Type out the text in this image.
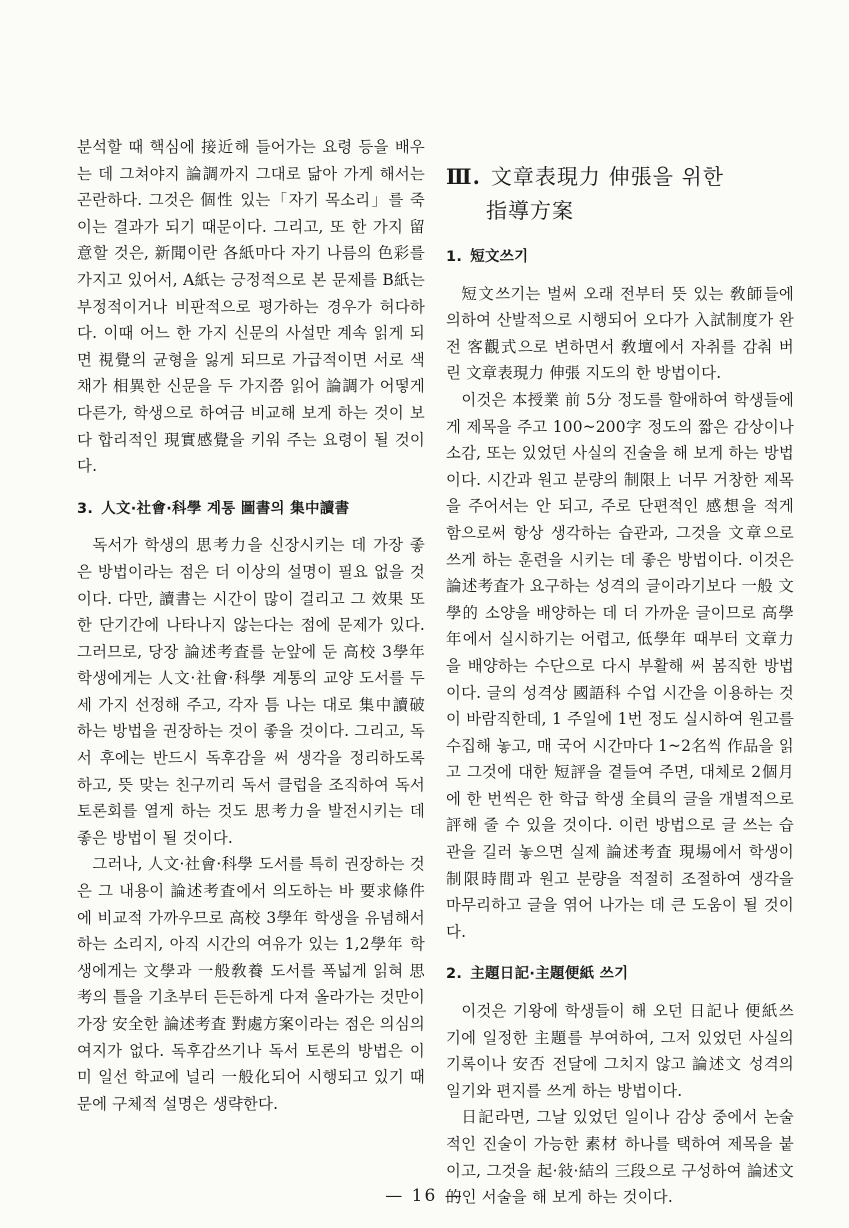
분석할 때 핵심에 接近해 들어가는 요령 등을 배우는 데 그쳐야지 論調까지 그대로 닮아 가게 해서는 곤란하다. 그것은 個性 있는「자기 목소리」를 죽이는 결과가 되기 때문이다. 그리고, 또 한 가지 留意할 것은, 新聞이란 各紙마다 자기 나름의 色彩를 가지고 있어서, A紙는 긍정적으로 본 문제를 B紙는 부정적이거나 비판적으로 평가하는 경우가 허다하다. 이때 어느 한 가지 신문의 사설만 계속 읽게 되면 視覺의 균형을 잃게 되므로 가급적이면 서로 색채가 相異한 신문을 두 가지쯤 읽어 論調가 어떻게 다른가, 학생으로 하여금 비교해 보게 하는 것이 보다 합리적인 現實感覺을 키워 주는 요령이 될 것이다.

3. 人文·社會·科學 계통 圖書의 集中讀書

독서가 학생의 思考力을 신장시키는 데 가장 좋은 방법이라는 점은 더 이상의 설명이 필요 없을 것이다. 다만, 讀書는 시간이 많이 걸리고 그 效果 또한 단기간에 나타나지 않는다는 점에 문제가 있다. 그러므로, 당장 論述考査를 눈앞에 둔 高校 3學年 학생에게는 人文·社會·科學 계통의 교양 도서를 두세 가지 선정해 주고, 각자 틈 나는 대로 集中讀破하는 방법을 권장하는 것이 좋을 것이다. 그리고, 독서 후에는 반드시 독후감을 써 생각을 정리하도록 하고, 뜻 맞는 친구끼리 독서 클럽을 조직하여 독서 토론회를 열게 하는 것도 思考力을 발전시키는 데 좋은 방법이 될 것이다.

그러나, 人文·社會·科學 도서를 특히 권장하는 것은 그 내용이 論述考査에서 의도하는 바 要求條件에 비교적 가까우므로 高校 3學年 학생을 유념해서 하는 소리지, 아직 시간의 여유가 있는 1,2學年 학생에게는 文學과 一般敎養 도서를 폭넓게 읽혀 思考의 틀을 기초부터 든든하게 다져 올라가는 것만이 가장 安全한 論述考査 對處方案이라는 점은 의심의 여지가 없다. 독후감쓰기나 독서 토론의 방법은 이미 일선 학교에 널리 一般化되어 시행되고 있기 때문에 구체적 설명은 생략한다.

Ⅲ. 文章表現力 伸張을 위한
指導方案
1. 短文쓰기

短文쓰기는 벌써 오래 전부터 뜻 있는 敎師들에 의하여 산발적으로 시행되어 오다가 入試制度가 완전 客觀式으로 변하면서 敎壇에서 자취를 감춰 버린 文章表現力 伸張 지도의 한 방법이다.

이것은 本授業 前 5分 정도를 할애하여 학생들에게 제목을 주고 100~200字 정도의 짧은 감상이나 소감, 또는 있었던 사실의 진술을 해 보게 하는 방법이다. 시간과 원고 분량의 制限上 너무 거창한 제목을 주어서는 안 되고, 주로 단편적인 感想을 적게 함으로써 항상 생각하는 습관과, 그것을 文章으로 쓰게 하는 훈련을 시키는 데 좋은 방법이다. 이것은 論述考査가 요구하는 성격의 글이라기보다 一般 文學的 소양을 배양하는 데 더 가까운 글이므로 高學年에서 실시하기는 어렵고, 低學年 때부터 文章力을 배양하는 수단으로 다시 부활해 써 봄직한 방법이다. 글의 성격상 國語科 수업 시간을 이용하는 것이 바람직한데, 1 주일에 1번 정도 실시하여 원고를 수집해 놓고, 매 국어 시간마다 1~2名씩 作品을 읽고 그것에 대한 短評을 곁들여 주면, 대체로 2個月에 한 번씩은 한 학급 학생 全員의 글을 개별적으로 評해 줄 수 있을 것이다. 이런 방법으로 글 쓰는 습관을 길러 놓으면 실제 論述考査 現場에서 학생이 制限時間과 원고 분량을 적절히 조절하여 생각을 마무리하고 글을 엮어 나가는 데 큰 도움이 될 것이다.

2. 主題日記·主題便紙 쓰기

이것은 기왕에 학생들이 해 오던 日記나 便紙쓰기에 일정한 主題를 부여하여, 그저 있었던 사실의 기록이나 安否 전달에 그치지 않고 論述文 성격의 일기와 편지를 쓰게 하는 방법이다.

日記라면, 그날 있었던 일이나 감상 중에서 논술적인 진술이 가능한 素材 하나를 택하여 제목을 붙이고, 그것을 起·敍·結의 三段으로 구성하여 論述文的인 서술을 해 보게 하는 것이다.

— 16 —
